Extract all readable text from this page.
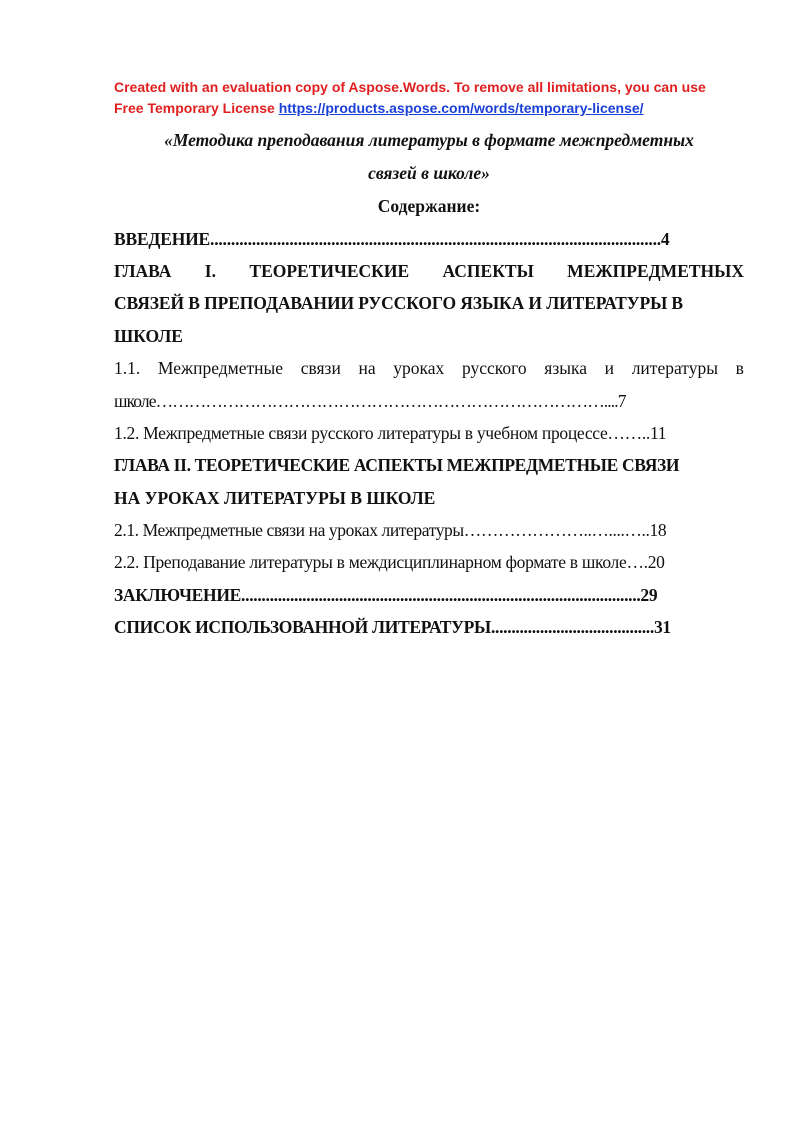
Created with an evaluation copy of Aspose.Words. To remove all limitations, you can use
Free Temporary License https://products.aspose.com/words/temporary-license/
«Методика преподавания литературы в формате межпредметных
связей в школе»
Содержание:
ВВЕДЕНИЕ............................................................................................................4
ГЛАВА I. ТЕОРЕТИЧЕСКИЕ АСПЕКТЫ МЕЖПРЕДМЕТНЫХ
СВЯЗЕЙ В ПРЕПОДАВАНИИ РУССКОГО ЯЗЫКА И ЛИТЕРАТУРЫ В
ШКОЛЕ
1.1. Межпредметные связи на уроках русского языка и литературы в
школе………………………………………………………………………....7
1.2. Межпредметные связи русского литературы в учебном процессе……..11
ГЛАВА II. ТЕОРЕТИЧЕСКИЕ АСПЕКТЫ МЕЖПРЕДМЕТНЫЕ СВЯЗИ
НА УРОКАХ ЛИТЕРАТУРЫ В ШКОЛЕ
2.1. Межпредметные связи на уроках литературы…………………..…....…..18
2.2. Преподавание литературы в междисциплинарном формате в школе….20
ЗАКЛЮЧЕНИЕ..................................................................................................29
СПИСОК ИСПОЛЬЗОВАННОЙ ЛИТЕРАТУРЫ........................................31
